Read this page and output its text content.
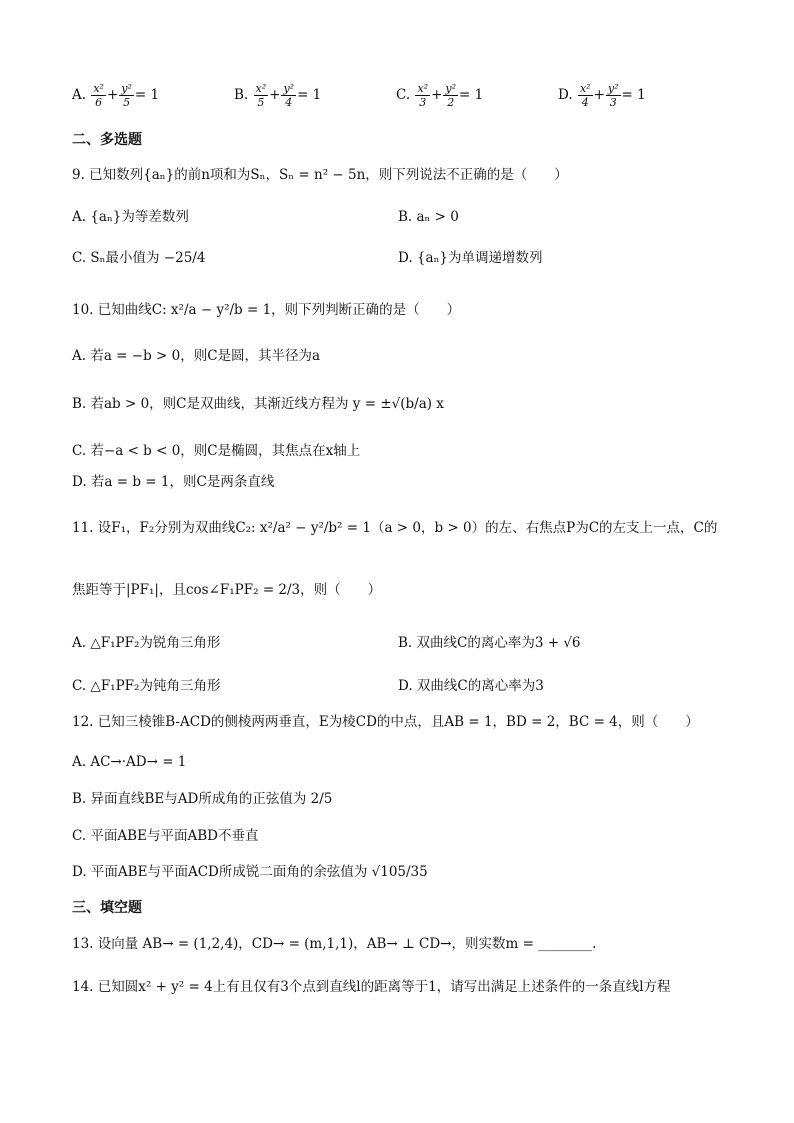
A. $\frac{\text{x²}}{6} + \frac{\text{y²}}{5} = 1$	B. $\frac{\text{x²}}{5} + \frac{\text{y²}}{4} = 1$	C. $\frac{\text{x²}}{3} + \frac{\text{y²}}{2} = 1$	D. $\frac{\text{x²}}{4} + \frac{\text{y²}}{3} = 1$
二、多选题
9. 已知数列{aₙ}的前n项和为Sₙ，Sₙ = n² − 5n，则下列说法不正确的是（　　）
A. {aₙ}为等差数列	B. aₙ > 0
C. Sₙ最小值为 −25/4	D. {aₙ}为单调递增数列
10. 已知曲线C: x²/a − y²/b = 1，则下列判断正确的是（　　）
A. 若a = −b > 0，则C是圆，其半径为a
B. 若ab > 0，则C是双曲线，其渐近线方程为 y = ±√(b/a) x
C. 若−a < b < 0，则C是椭圆，其焦点在x轴上
D. 若a = b = 1，则C是两条直线
11. 设F₁，F₂分别为双曲线C₂: x²/a² − y²/b² = 1（a > 0，b > 0）的左、右焦点P为C的左支上一点，C的
焦距等于|PF₁|，且cos∠F₁PF₂ = 2/3，则（　　）
A. △F₁PF₂为锐角三角形	B. 双曲线C的离心率为3 + √6
C. △F₁PF₂为钝角三角形	D. 双曲线C的离心率为3
12. 已知三棱锥B-ACD的侧棱两两垂直，E为棱CD的中点，且AB = 1，BD = 2，BC = 4，则（　　）
A. AC→·AD→ = 1
B. 异面直线BE与AD所成角的正弦值为 2/5
C. 平面ABE与平面ABD不垂直
D. 平面ABE与平面ACD所成锐二面角的余弦值为 √105/35
三、填空题
13. 设向量 AB→ = (1,2,4)，CD→ = (m,1,1)，AB→ ⊥ CD→，则实数m = ________.
14. 已知圆x² + y² = 4上有且仅有3个点到直线l的距离等于1，请写出满足上述条件的一条直线l方程
